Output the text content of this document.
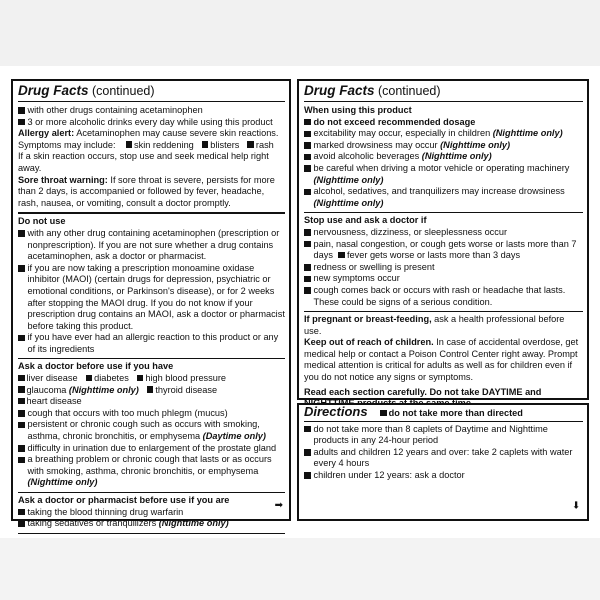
Drug Facts (continued)
with other drugs containing acetaminophen
3 or more alcoholic drinks every day while using this product
Allergy alert: Acetaminophen may cause severe skin reactions.
Symptoms may include: skin reddening blisters rash
If a skin reaction occurs, stop use and seek medical help right away.
Sore throat warning: If sore throat is severe, persists for more than 2 days, is accompanied or followed by fever, headache, rash, nausea, or vomiting, consult a doctor promptly.
Do not use
with any other drug containing acetaminophen (prescription or nonprescription). If you are not sure whether a drug contains acetaminophen, ask a doctor or pharmacist.
if you are now taking a prescription monoamine oxidase inhibitor (MAOI) (certain drugs for depression, psychiatric or emotional conditions, or Parkinson's disease), or for 2 weeks after stopping the MAOI drug. If you do not know if your prescription drug contains an MAOI, ask a doctor or pharmacist before taking this product.
if you have ever had an allergic reaction to this product or any of its ingredients
Ask a doctor before use if you have
liver disease diabetes high blood pressure
glaucoma (Nighttime only) thyroid diseaseheart disease
cough that occurs with too much phlegm (mucus)
persistent or chronic cough such as occurs with smoking, asthma, chronic bronchitis, or emphysema (Daytime only)
difficulty in urination due to enlargement of the prostate gland
a breathing problem or chronic cough that lasts or as occurs with smoking, asthma, chronic bronchitis, or emphysema (Nighttime only)
Ask a doctor or pharmacist before use if you are
taking the blood thinning drug warfarin
taking sedatives or tranquilizers (Nighttime only)
➡
Drug Facts (continued)
When using this product
do not exceed recommended dosage
excitability may occur, especially in children (Nighttime only)
marked drowsiness may occur (Nighttime only)
avoid alcoholic beverages (Nighttime only)
be careful when driving a motor vehicle or operating machinery (Nighttime only)
alcohol, sedatives, and tranquilizers may increase drowsiness (Nighttime only)
Stop use and ask a doctor if
nervousness, dizziness, or sleeplessness occur
pain, nasal congestion, or cough gets worse or lasts more than 7 days fever gets worse or lasts more than 3 days
redness or swelling is present
new symptoms occur
cough comes back or occurs with rash or headache that lasts. These could be signs of a serious condition.
If pregnant or breast-feeding, ask a health professional before use.
Keep out of reach of children. In case of accidental overdose, get medical help or contact a Poison Control Center right away. Prompt medical attention is critical for adults as well as for children even if you do not notice any signs or symptoms.
Read each section carefully. Do not take DAYTIME and
Directions do not take more than directed
do not take more than 8 caplets of Daytime and Nighttime products in any 24-hour period
adults and children 12 years and over: take 2 caplets with water every 4 hours
children under 12 years: ask a doctor
➡
